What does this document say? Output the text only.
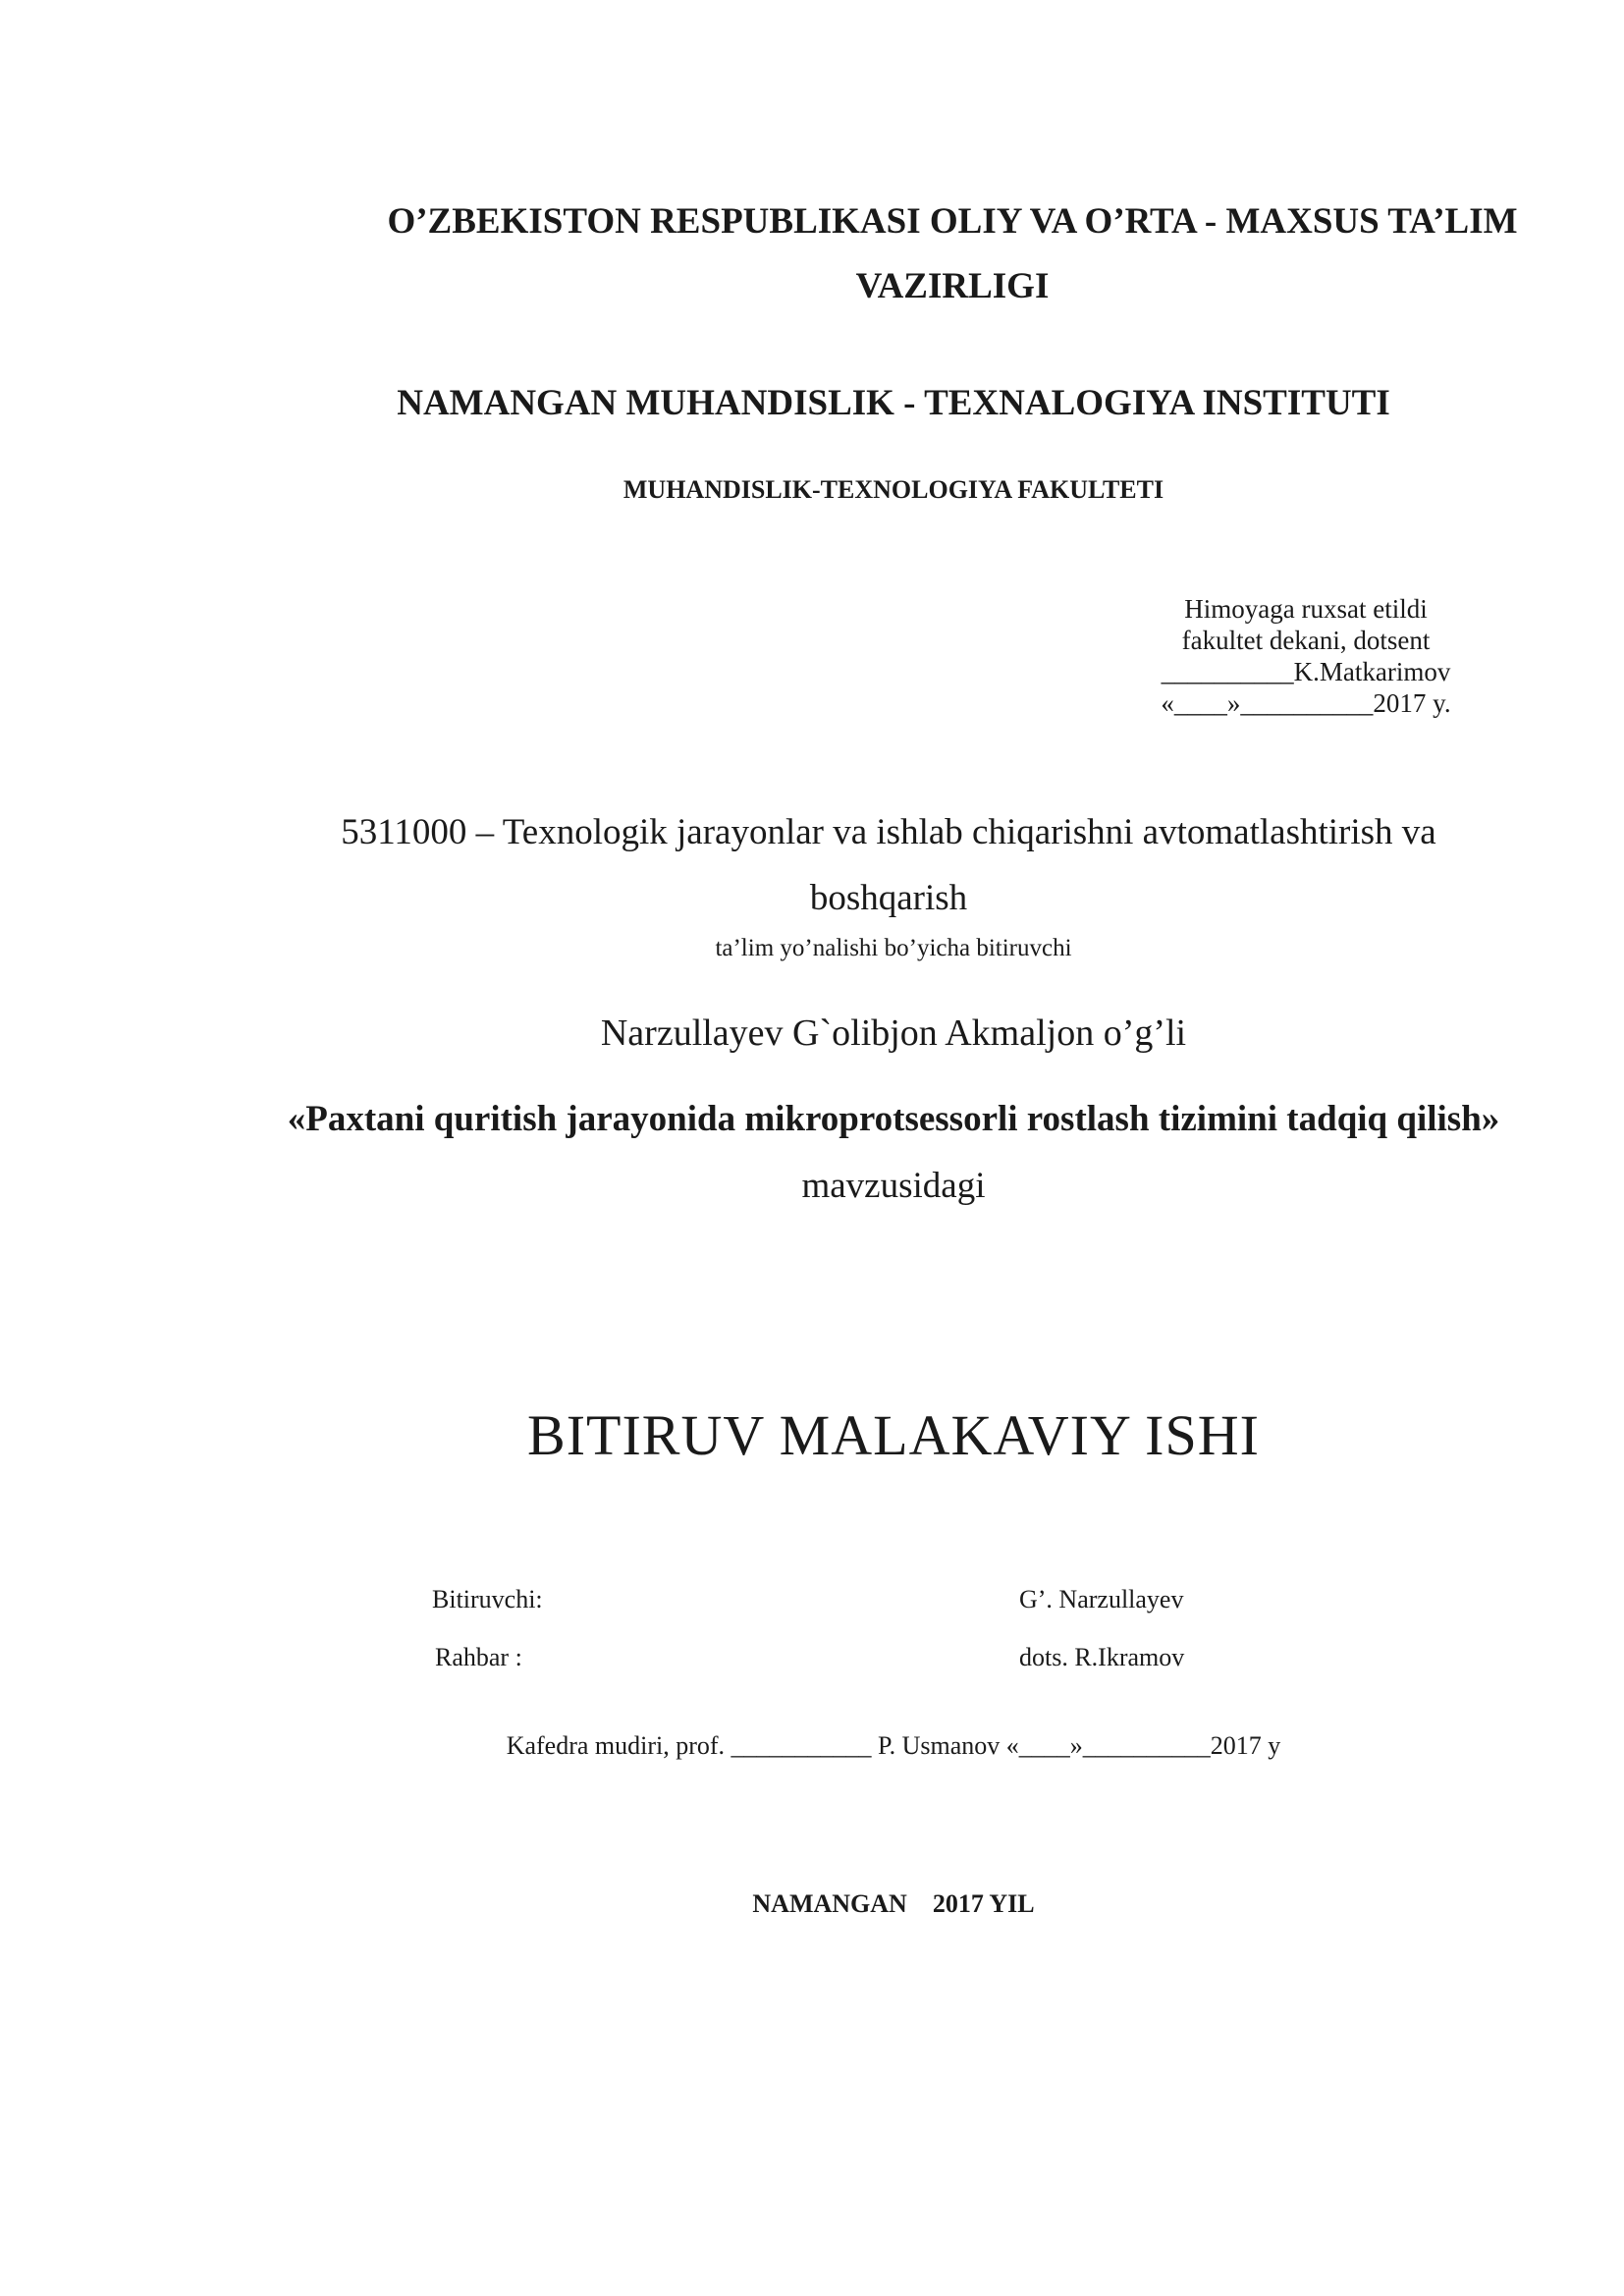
O’ZBEKISTON RESPUBLIKASI OLIY VA O’RTA - MAXSUS TA’LIM VAZIRLIGI
NAMANGAN MUHANDISLIK - TEXNALOGIYA INSTITUTI
MUHANDISLIK-TEXNOLOGIYA FAKULTETI
Himoyaga ruxsat etildi
fakultet dekani, dotsent
__________K.Matkarimov
«____»__________2017 y.
5311000 – Texnologik jarayonlar va ishlab chiqarishni avtomatlashtirish va boshqarish
ta’lim yo’nalishi bo’yicha bitiruvchi
Narzullayev G`olibjon Akmaljon o’g’li
«Paxtani quritish jarayonida mikroprotsessorli rostlash tizimini tadqiq qilish»
mavzusidagi
BITIRUV MALAKAVIY ISHI
Bitiruvchi:	G’. Narzullayev
Rahbar :	dots. R.Ikramov
Kafedra mudiri, prof. ___________ P. Usmanov «____»__________2017 y
NAMANGAN 2017 YIL
